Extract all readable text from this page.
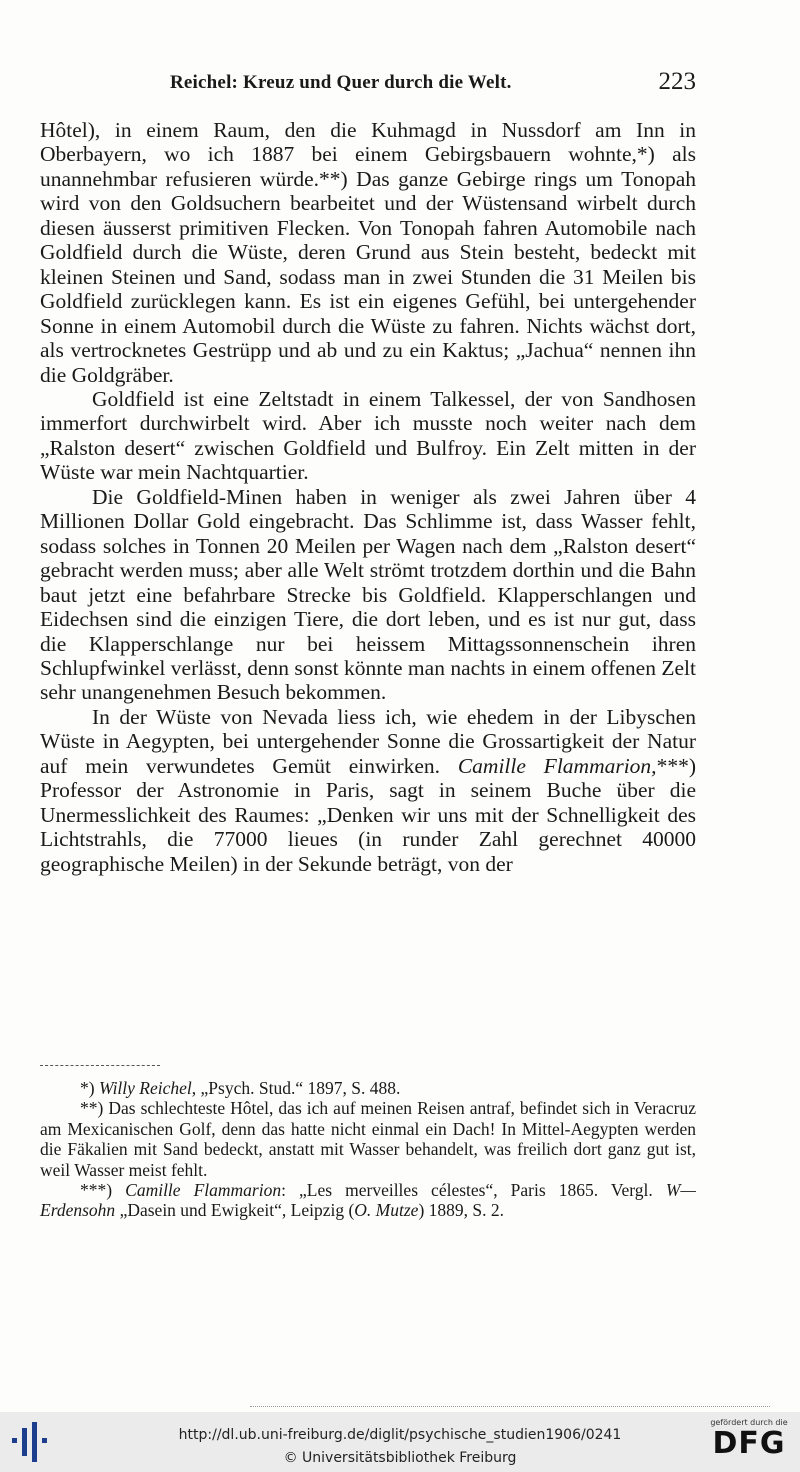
Reichel: Kreuz und Quer durch die Welt.	223

Hôtel), in einem Raum, den die Kuhmagd in Nussdorf am Inn in Oberbayern, wo ich 1887 bei einem Gebirgsbauern wohnte,*) als unannehmbar refusieren würde.**) Das ganze Gebirge rings um Tonopah wird von den Goldsuchern bearbeitet und der Wüstensand wirbelt durch diesen äusserst primitiven Flecken. Von Tonopah fahren Automobile nach Goldfield durch die Wüste, deren Grund aus Stein besteht, bedeckt mit kleinen Steinen und Sand, sodass man in zwei Stunden die 31 Meilen bis Goldfield zurücklegen kann. Es ist ein eigenes Gefühl, bei untergehender Sonne in einem Automobil durch die Wüste zu fahren. Nichts wächst dort, als vertrocknetes Gestrüpp und ab und zu ein Kaktus; „Jachua“ nennen ihn die Goldgräber.

Goldfield ist eine Zeltstadt in einem Talkessel, der von Sandhosen immerfort durchwirbelt wird. Aber ich musste noch weiter nach dem „Ralston desert“ zwischen Goldfield und Bulfroy. Ein Zelt mitten in der Wüste war mein Nachtquartier.

Die Goldfield-Minen haben in weniger als zwei Jahren über 4 Millionen Dollar Gold eingebracht. Das Schlimme ist, dass Wasser fehlt, sodass solches in Tonnen 20 Meilen per Wagen nach dem „Ralston desert“ gebracht werden muss; aber alle Welt strömt trotzdem dorthin und die Bahn baut jetzt eine befahrbare Strecke bis Goldfield. Klapperschlangen und Eidechsen sind die einzigen Tiere, die dort leben, und es ist nur gut, dass die Klapperschlange nur bei heissem Mittagssonnenschein ihren Schlupfwinkel verlässt, denn sonst könnte man nachts in einem offenen Zelt sehr unangenehmen Besuch bekommen.

In der Wüste von Nevada liess ich, wie ehedem in der Libyschen Wüste in Aegypten, bei untergehender Sonne die Grossartigkeit der Natur auf mein verwundetes Gemüt einwirken. Camille Flammarion,***) Professor der Astronomie in Paris, sagt in seinem Buche über die Unermesslichkeit des Raumes: „Denken wir uns mit der Schnelligkeit des Lichtstrahls, die 77000 lieues (in runder Zahl gerechnet 40000 geographische Meilen) in der Sekunde beträgt, von der

*) Willy Reichel, „Psych. Stud.“ 1897, S. 488.

**) Das schlechteste Hôtel, das ich auf meinen Reisen antraf, befindet sich in Veracruz am Mexicanischen Golf, denn das hatte nicht einmal ein Dach! In Mittel-Aegypten werden die Fäkalien mit Sand bedeckt, anstatt mit Wasser behandelt, was freilich dort ganz gut ist, weil Wasser meist fehlt.

***) Camille Flammarion: „Les merveilles célestes“, Paris 1865. Vergl. W— Erdensohn „Dasein und Ewigkeit“, Leipzig (O. Mutze) 1889, S. 2.

http://dl.ub.uni-freiburg.de/diglit/psychische_studien1906/0241
© Universitätsbibliothek Freiburg
gefördert durch die
DFG
